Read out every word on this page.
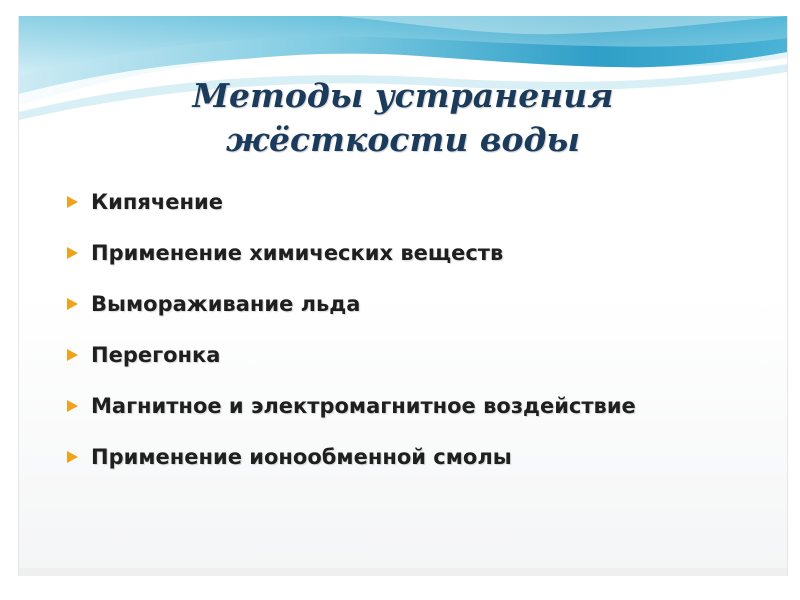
Методы устранения
жёсткости воды
Кипячение
Применение химических веществ
Вымораживание льда
Перегонка
Магнитное и электромагнитное воздействие
Применение ионообменной смолы
